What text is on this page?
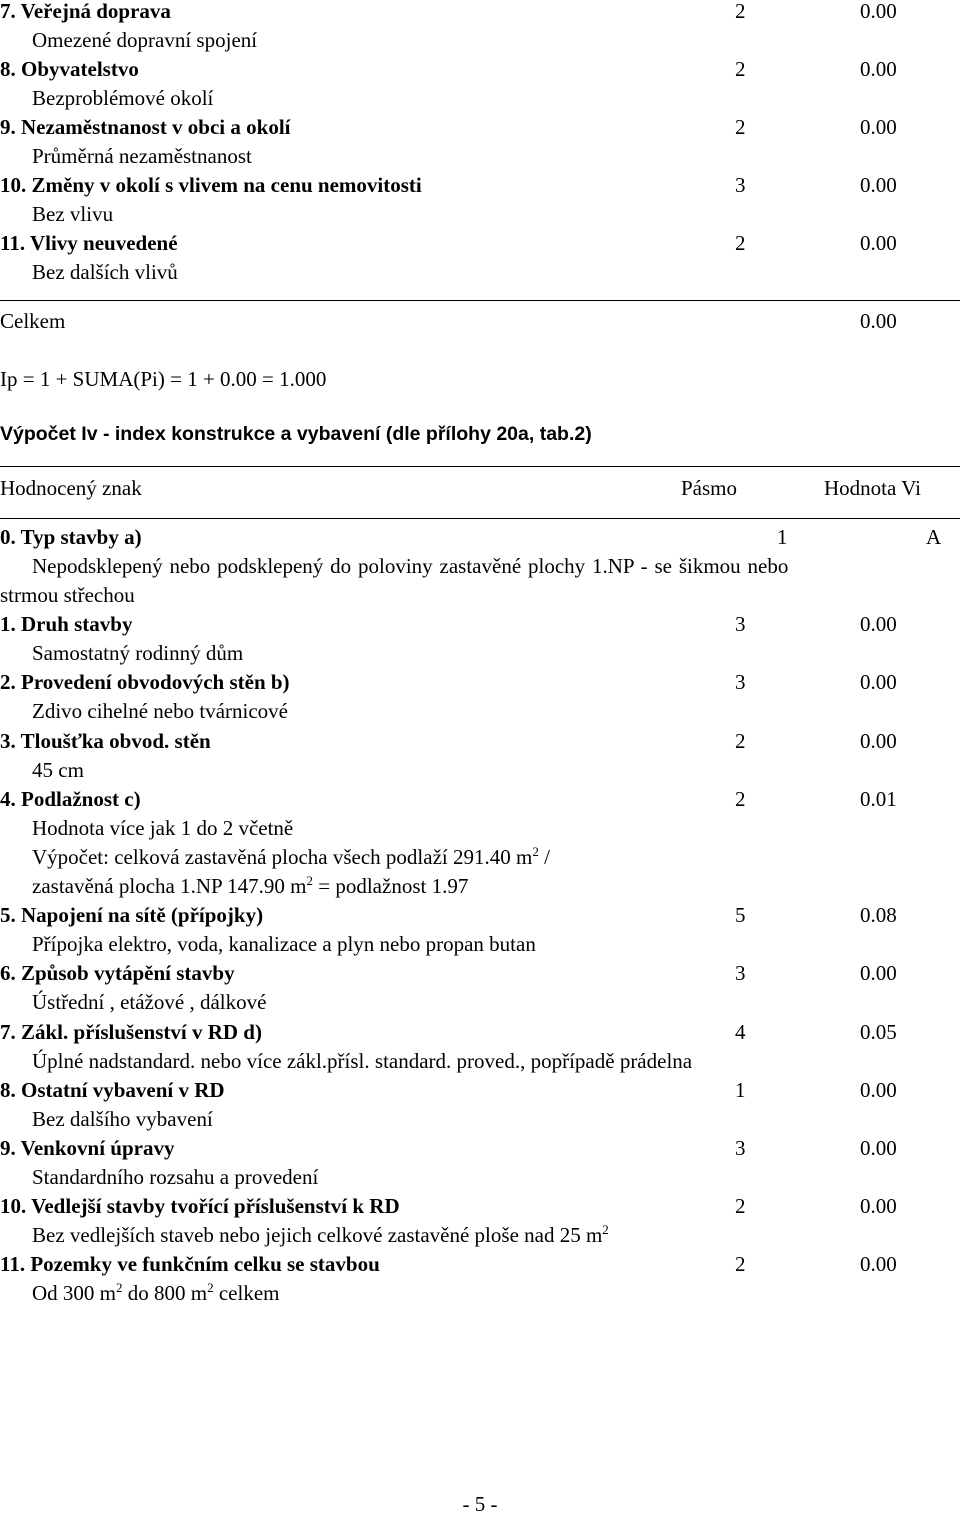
7. Veřejná doprava	2	0.00
Omezené dopravní spojení
8. Obyvatelstvo	2	0.00
Bezproblémové okolí
9. Nezaměstnanost v obci a okolí	2	0.00
Průměrná nezaměstnanost
10. Změny v okolí s vlivem na cenu nemovitosti	3	0.00
Bez vlivu
11. Vlivy neuvedené	2	0.00
Bez dalších vlivů
Celkem	0.00
Ip = 1 + SUMA(Pi) = 1 + 0.00 = 1.000
Výpočet Iv - index konstrukce a vybavení (dle přílohy 20a, tab.2)
Hodnocený znak	Pásmo	Hodnota Vi
0. Typ stavby a)	1	A
Nepodsklepený nebo podsklepený do poloviny zastavěné plochy 1.NP - se šikmou nebo
strmou střechou
1. Druh stavby	3	0.00
Samostatný rodinný dům
2. Provedení obvodových stěn b)	3	0.00
Zdivo cihelné nebo tvárnicové
3. Tloušťka obvod. stěn	2	0.00
45 cm
4. Podlažnost c)	2	0.01
Hodnota více jak 1 do 2 včetně
Výpočet: celková zastavěná plocha všech podlaží 291.40 $m^2$ /
zastavěná plocha 1.NP 147.90 $m^2$ = podlažnost 1.97
5. Napojení na sítě (přípojky)	5	0.08
Přípojka elektro, voda, kanalizace a plyn nebo propan butan
6. Způsob vytápění stavby	3	0.00
Ústřední , etážové , dálkové
7. Zákl. příslušenství v RD d)	4	0.05
Úplné nadstandard. nebo více zákl.přísl. standard. proved., popřípadě prádelna
8. Ostatní vybavení v RD	1	0.00
Bez dalšího vybavení
9. Venkovní úpravy	3	0.00
Standardního rozsahu a provedení
10. Vedlejší stavby tvořící příslušenství k RD	2	0.00
Bez vedlejších staveb nebo jejich celkové zastavěné ploše nad 25 $m^2$
11. Pozemky ve funkčním celku se stavbou	2	0.00
Od 300 $m^2$ do 800 $m^2$ celkem
- 5 -
